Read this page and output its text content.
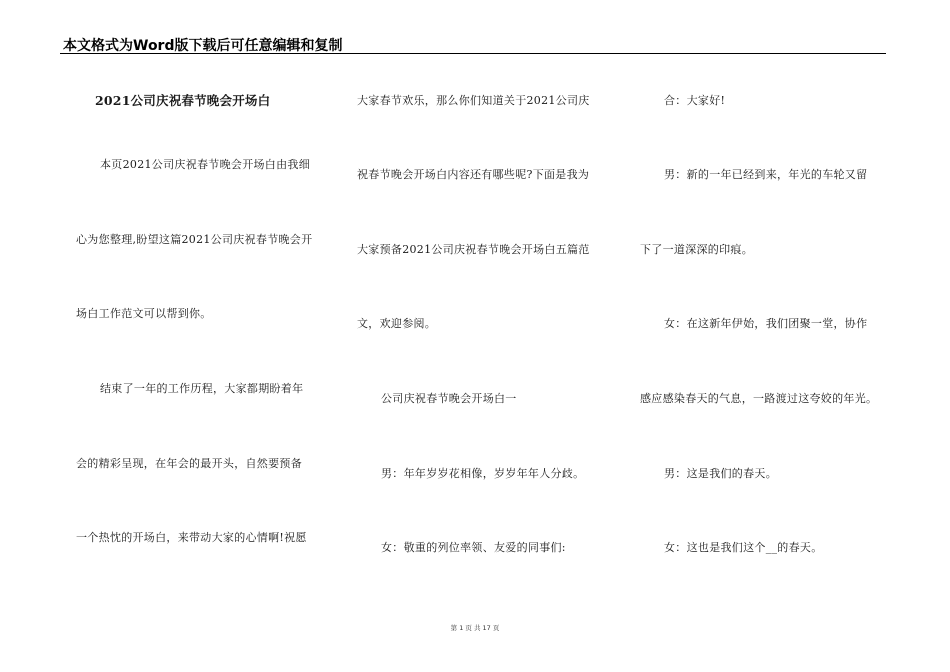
本文格式为Word版下载后可任意编辑和复制
2021公司庆祝春节晚会开场白
本页2021公司庆祝春节晚会开场白由我细
心为您整理,盼望这篇2021公司庆祝春节晚会开
场白工作范文可以帮到你。
结束了一年的工作历程，大家都期盼着年
会的精彩呈现，在年会的最开头，自然要预备
一个热忱的开场白，来带动大家的心情啊!祝愿
大家春节欢乐，那么你们知道关于2021公司庆
祝春节晚会开场白内容还有哪些呢?下面是我为
大家预备2021公司庆祝春节晚会开场白五篇范
文，欢迎参阅。
公司庆祝春节晚会开场白一
男：年年岁岁花相像，岁岁年年人分歧。
女：敬重的列位率领、友爱的同事们:
合：大家好!
男：新的一年已经到来，年光的车轮又留
下了一道深深的印痕。
女：在这新年伊始，我们团聚一堂，协作
感应感染春天的气息，一路渡过这夸姣的年光。
男：这是我们的春天。
女：这也是我们这个__的春天。
第 1 页 共 17 页
